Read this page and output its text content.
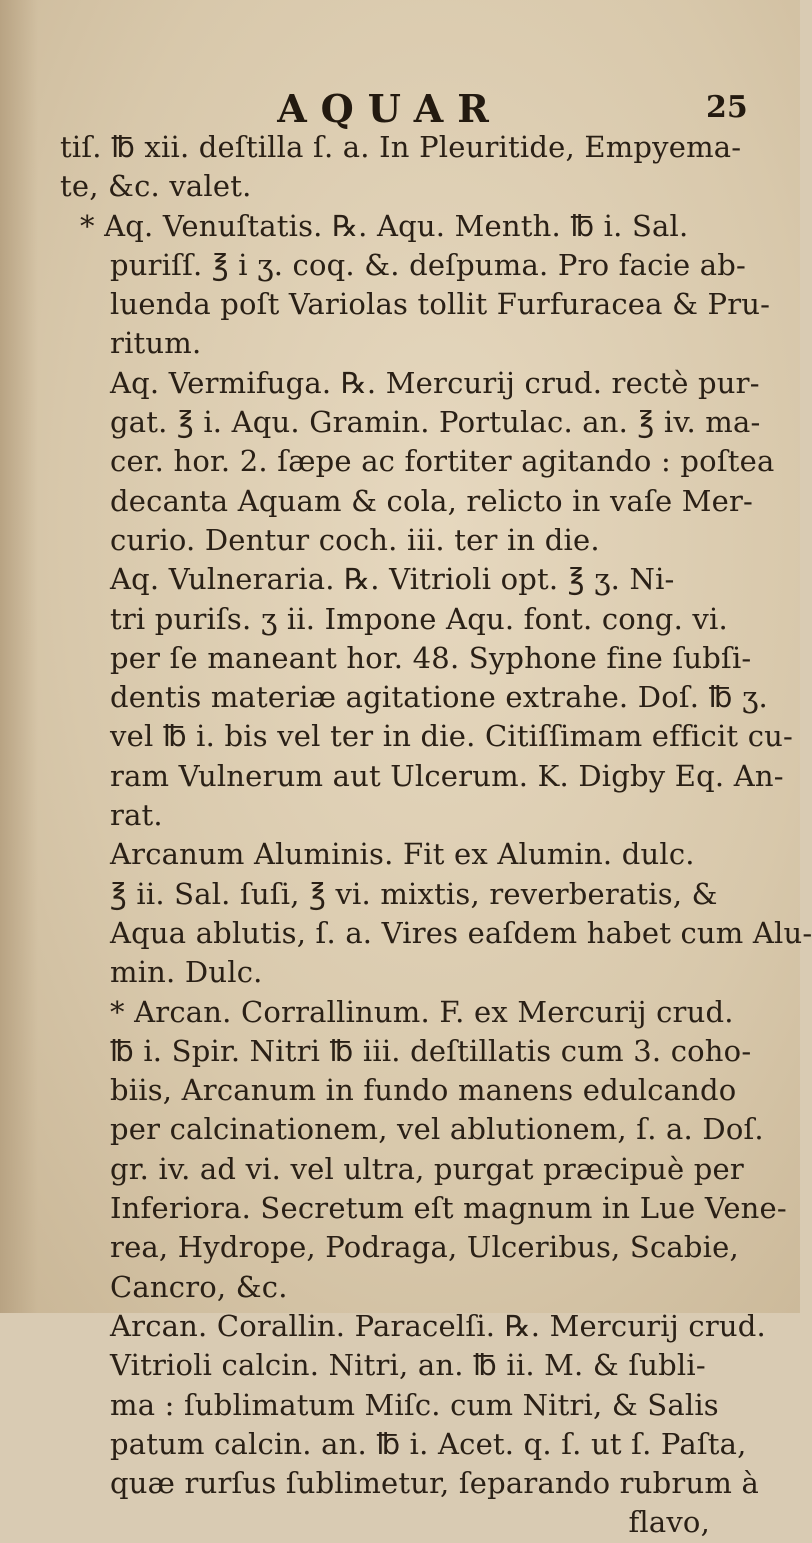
AQUAR	25
tiſ. ℔ xii. deſtilla ſ. a. In Pleuritide, Empyema-
te, &c. valet.
* Aq. Venuſtatis. ℞. Aqu. Menth. ℔ i. Sal.
puriſſ. ℥ i ʒ. coq. &. deſpuma. Pro facie ab-
luenda poſt Variolas tollit Furfuracea & Pru-
ritum.
Aq. Vermifuga. ℞. Mercurij crud. rectè pur-
gat. ℥ i. Aqu. Gramin. Portulac. an. ℥ iv. ma-
cer. hor. 2. ſæpe ac fortiter agitando : poſtea
decanta Aquam & cola, relicto in vaſe Mer-
curio. Dentur coch. iii. ter in die.
Aq. Vulneraria. ℞. Vitrioli opt. ℥ ʒ. Ni-
tri puriſs. ʒ ii. Impone Aqu. font. cong. vi.
per ſe maneant hor. 48. Syphone fine ſubſi-
dentis materiæ agitatione extrahe. Doſ. ℔ ʒ.
vel ℔ i. bis vel ter in die. Citiſſimam efficit cu-
ram Vulnerum aut Ulcerum. K. Digby Eq. An-
rat.
Arcanum Aluminis. Fit ex Alumin. dulc.
℥ ii. Sal. ſuſi, ℥ vi. mixtis, reverberatis, &
Aqua ablutis, ſ. a. Vires eaſdem habet cum Alu-
min. Dulc.
* Arcan. Corrallinum. F. ex Mercurij crud.
℔ i. Spir. Nitri ℔ iii. deſtillatis cum 3. coho-
biis, Arcanum in fundo manens edulcando
per calcinationem, vel ablutionem, ſ. a. Doſ.
gr. iv. ad vi. vel ultra, purgat præcipuè per
Inferiora. Secretum eſt magnum in Lue Vene-
rea, Hydrope, Podraga, Ulceribus, Scabie,
Cancro, &c.
Arcan. Corallin. Paracelſi. ℞. Mercurij crud.
Vitrioli calcin. Nitri, an. ℔ ii. M. & ſubli-
ma : ſublimatum Miſc. cum Nitri, & Salis
patum calcin. an. ℔ i. Acet. q. ſ. ut ſ. Paſta,
quæ rurſus ſublimetur, ſeparando rubrum à
flavo,
